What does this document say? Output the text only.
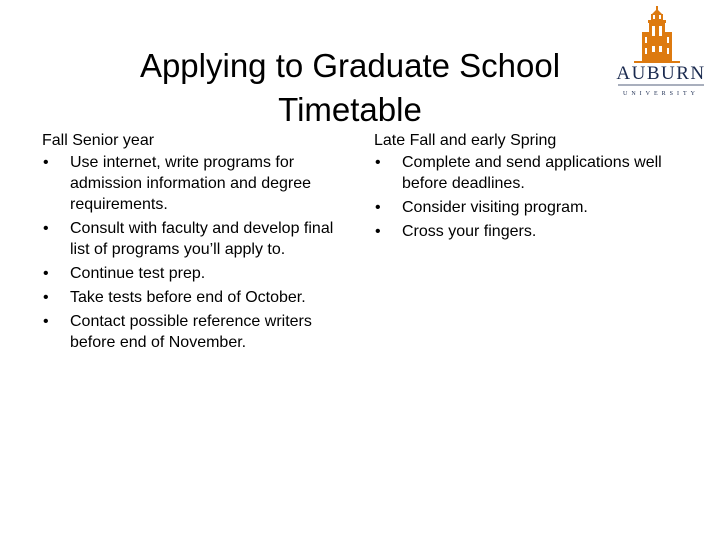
Applying to Graduate School
Timetable
AUBURN
UNIVERSITY
Fall Senior year
• Use internet, write programs for admission information and degree requirements.
• Consult with faculty and develop final list of programs you’ll apply to.
• Continue test prep.
• Take tests before end of October.
• Contact possible reference writers before end of November.
Late Fall and early Spring
• Complete and send applications well before deadlines.
• Consider visiting program.
• Cross your fingers.
